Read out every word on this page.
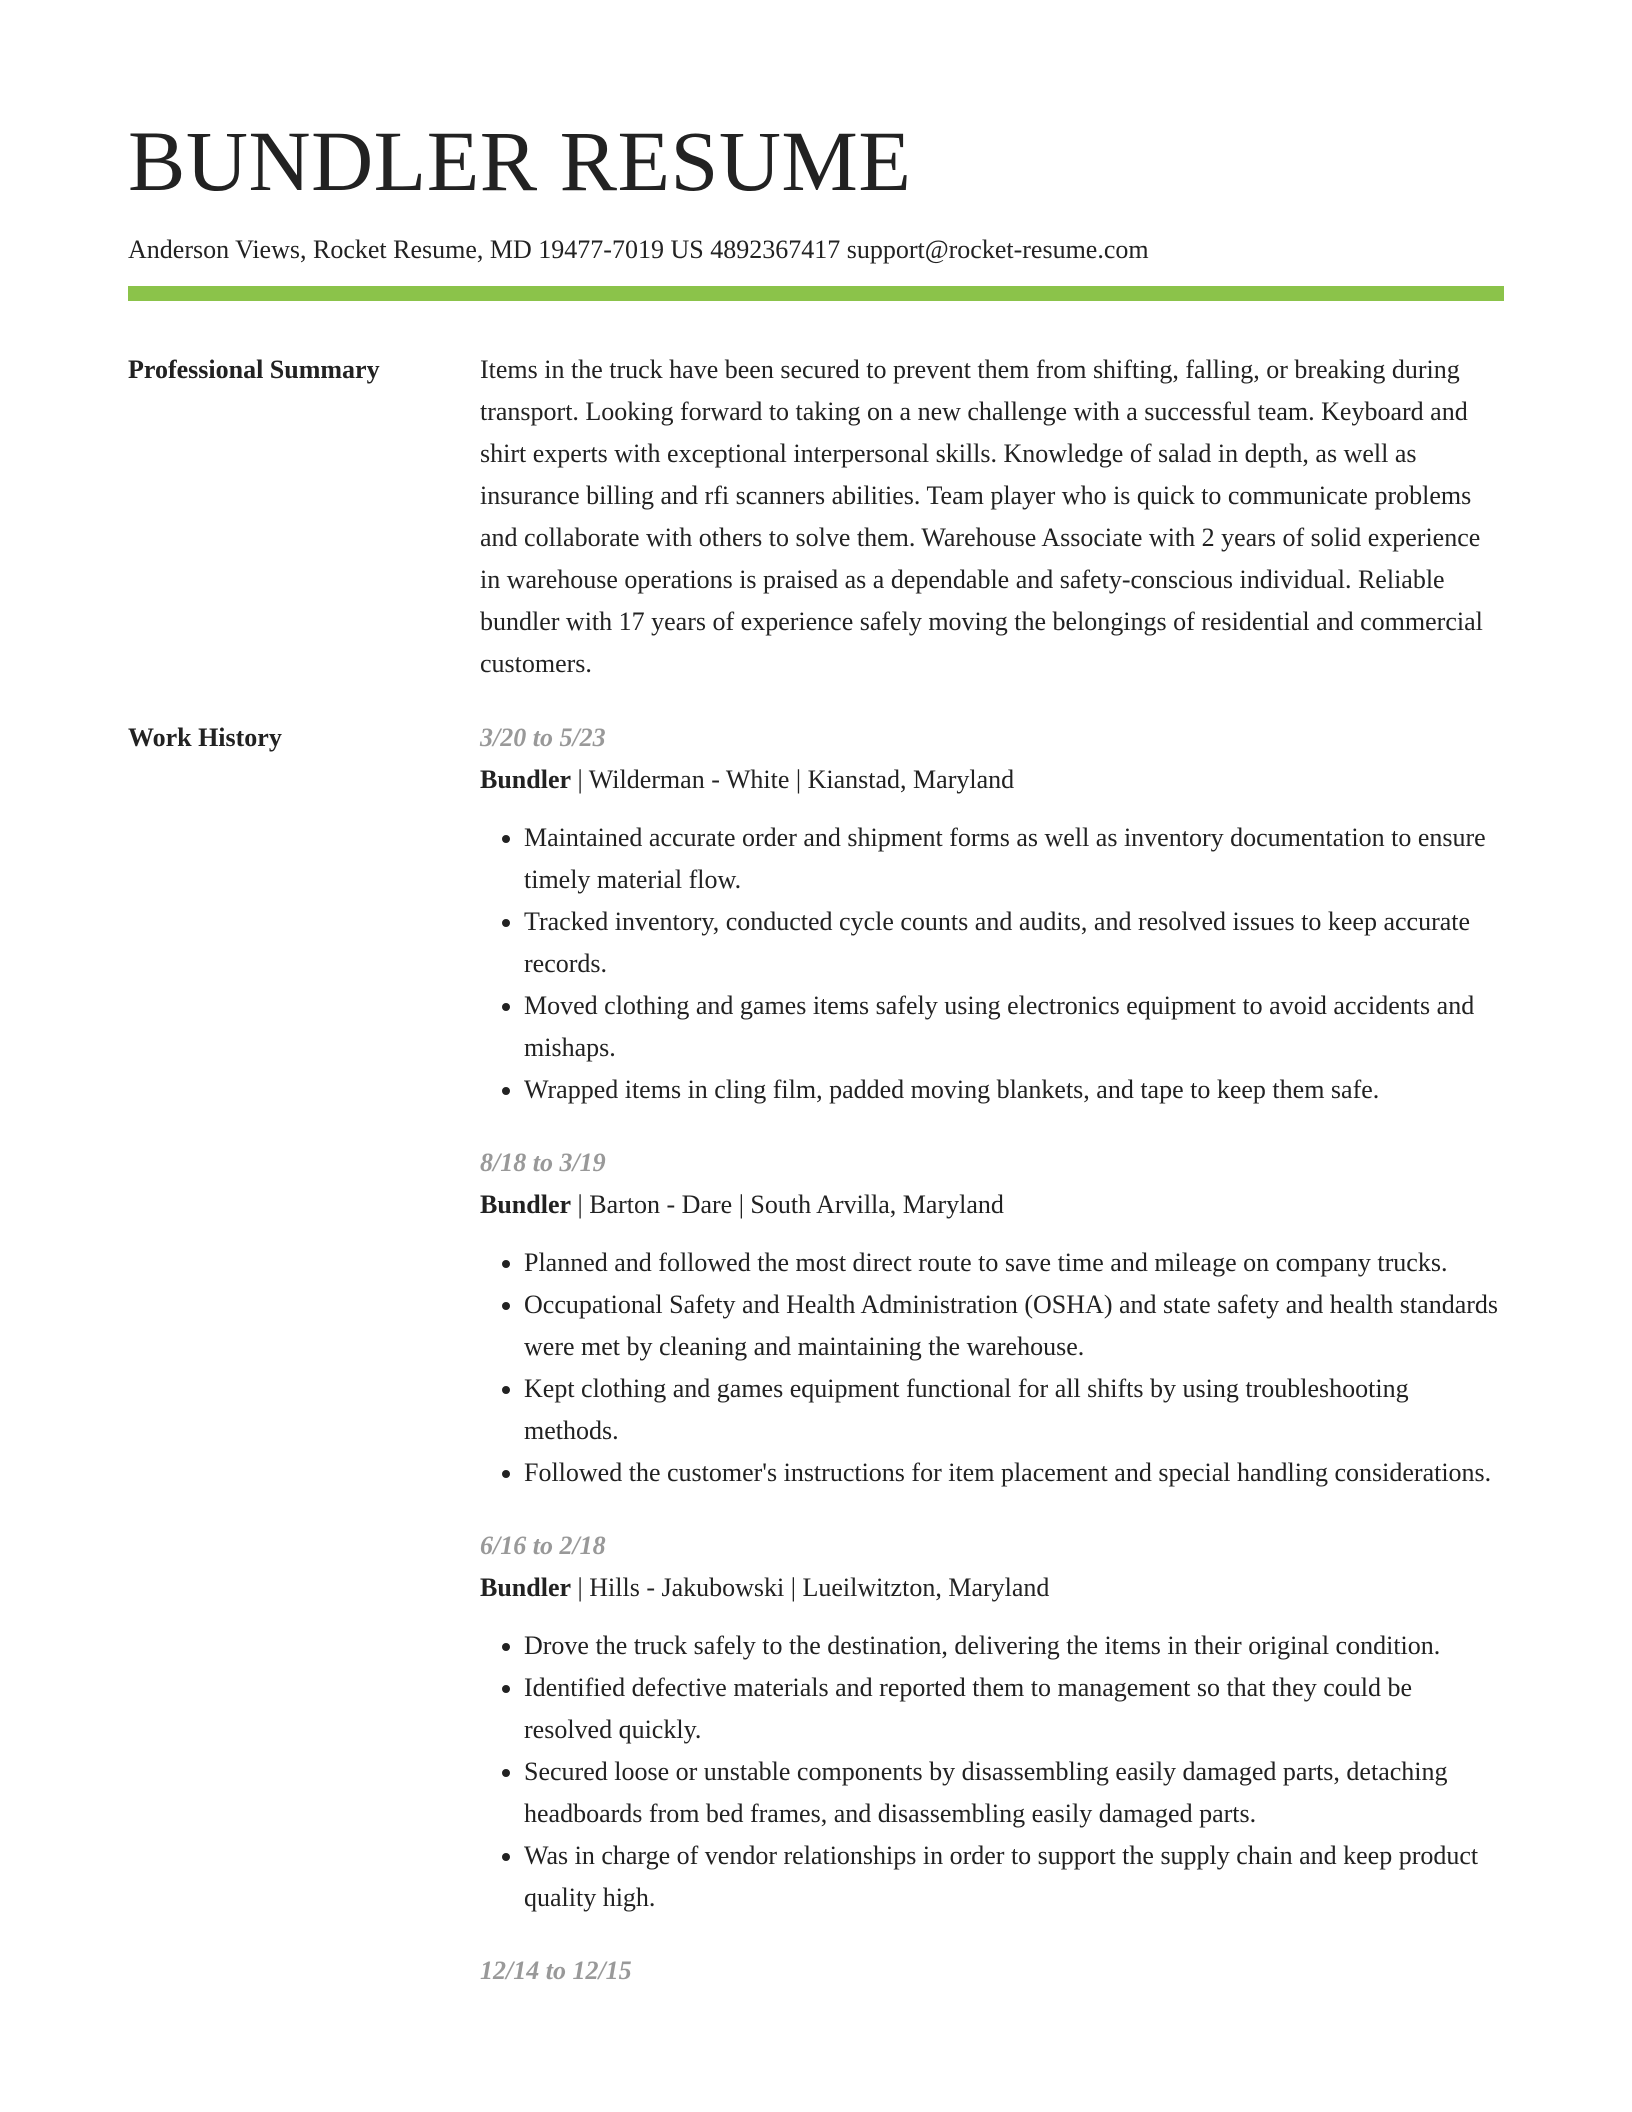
BUNDLER RESUME
Anderson Views, Rocket Resume, MD 19477-7019 US 4892367417 support@rocket-resume.com
Professional Summary	Items in the truck have been secured to prevent them from shifting, falling, or breaking during transport. Looking forward to taking on a new challenge with a successful team. Keyboard and shirt experts with exceptional interpersonal skills. Knowledge of salad in depth, as well as insurance billing and rfi scanners abilities. Team player who is quick to communicate problems and collaborate with others to solve them. Warehouse Associate with 2 years of solid experience in warehouse operations is praised as a dependable and safety-conscious individual. Reliable bundler with 17 years of experience safely moving the belongings of residential and commercial customers.

Work History	3/20 to 5/23
Bundler | Wilderman - White | Kianstad, Maryland
• Maintained accurate order and shipment forms as well as inventory documentation to ensure timely material flow.
• Tracked inventory, conducted cycle counts and audits, and resolved issues to keep accurate records.
• Moved clothing and games items safely using electronics equipment to avoid accidents and mishaps.
• Wrapped items in cling film, padded moving blankets, and tape to keep them safe.
8/18 to 3/19
Bundler | Barton - Dare | South Arvilla, Maryland
• Planned and followed the most direct route to save time and mileage on company trucks.
• Occupational Safety and Health Administration (OSHA) and state safety and health standards were met by cleaning and maintaining the warehouse.
• Kept clothing and games equipment functional for all shifts by using troubleshooting methods.
• Followed the customer's instructions for item placement and special handling considerations.
6/16 to 2/18
Bundler | Hills - Jakubowski | Lueilwitzton, Maryland
• Drove the truck safely to the destination, delivering the items in their original condition.
• Identified defective materials and reported them to management so that they could be resolved quickly.
• Secured loose or unstable components by disassembling easily damaged parts, detaching headboards from bed frames, and disassembling easily damaged parts.
• Was in charge of vendor relationships in order to support the supply chain and keep product quality high.
12/14 to 12/15
